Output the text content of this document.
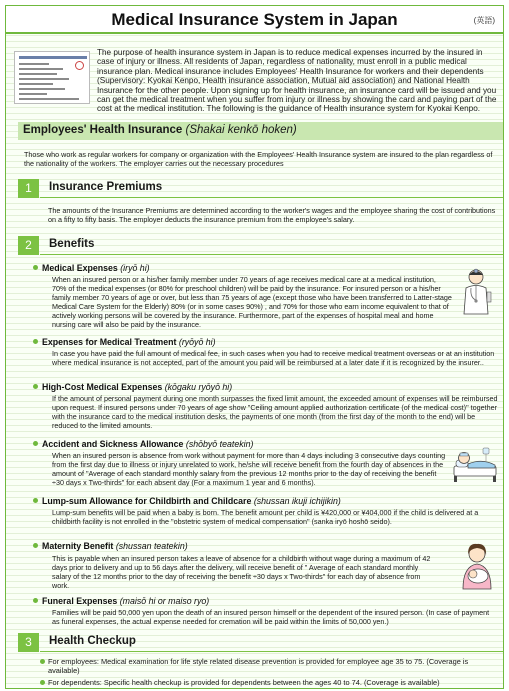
Medical Insurance System in Japan	(英語)
The purpose of health insurance system in Japan is to reduce medical expenses incurred by the insured in case of injury or illness. All residents of Japan, regardless of nationality, must enroll in a public medical insurance plan. Medical insurance includes Employees' Health Insurance for workers and their dependents (Supervisory: Kyokai Kenpo, Health insurance association, Mutual aid association) and National Health Insurance for the other people. Upon signing up for health insurance, an insurance card will be issued and you can get the medical treatment when you suffer from injury or illness by showing the card and paying part of the cost at the medical institution. The following is the guidance of Health insurance system for Kyokai Kenpo.
Employees' Health Insurance (Shakai kenkō hoken)
Those who work as regular workers for company or organization with the Employees' Health Insurance system are insured to the plan regardless of the nationality of the workers. The employer carries out the necessary procedures
1	Insurance Premiums
The amounts of the Insurance Premiums are determined according to the worker's wages and the employee sharing the cost of contributions on a fifty to fifty basis. The employer deducts the insurance premium from the employee's salary.
2	Benefits
Medical Expenses (iryō hi)
When an insured person or a his/her family member under 70 years of age receives medical care at a medical institution, 70% of the medical expenses (or 80% for preschool children) will be paid by the insurance. For insured person or a his/her family member 70 years of age or over, but less than 75 years of age (except those who have been transferred to Latter-stage Medical Care System for the Elderly) 80% (or in some cases 90%) , and 70% for those who earn income equivalent to that of actively working persons will be covered by the insurance. Furthermore, part of the expenses of hospital meal and home nursing care will also be paid by the insurance.
Expenses for Medical Treatment (ryōyō hi)
In case you have paid the full amount of medical fee, in such cases when you had to receive medical treatment overseas or at an institution where medical insurance is not accepted, part of the amount you paid will be reimbursed at a later date if it is recognized by the insurer..
High-Cost Medical Expenses (kōgaku ryōyō hi)
If the amount of personal payment during one month surpasses the fixed limit amount, the exceeded amount of expenses will be reimbursed upon request. If insured persons under 70 years of age show "Ceiling amount applied authorization certificate (of the medical cost)" together with the insurance card to the medical institution desks, the payments of one month (from the first day of the month to the end) will be reduced to the limited amounts.
Accident and Sickness Allowance (shōbyō teatekin)
When an insured person is absence from work without payment for more than 4 days including 3 consecutive days counting from the first day due to illness or injury unrelated to work, he/she will receive benefit from the fourth day of absences in the amount of "Average of each standard monthly salary from the previous 12 months prior to the day of receiving the benefit ÷30 days x Two-thirds" for each absent day (For a maximum 1 year and 6 months).
Lump-sum Allowance for Childbirth and Childcare (shussan ikuji ichijikin)
Lump-sum benefits will be paid when a baby is born. The benefit amount per child is ¥420,000 or ¥404,000 if the child is delivered at a childbirth facility is not enrolled in the "obstetric system of medical compensation" (sanka iryō hoshō seido).
Maternity Benefit (shussan teatekin)
This is payable when an insured person takes a leave of absence for a childbirth without wage during a maximum of 42 days prior to delivery and up to 56 days after the delivery, will receive benefit of " Average of each standard monthly salary of the 12 months prior to the day of receiving the benefit ÷30 days x Two-thirds" for each day of absence from work.
Funeral Expenses (maisō hi or maiso ryo)
Families will be paid 50,000 yen upon the death of an insured person himself or the dependent of the insured person. (In case of payment as funeral expenses, the actual expense needed for cremation will be paid within the limits of 50,000 yen.)
3	Health Checkup
For employees: Medical examination for life style related disease prevention is provided for employee age 35 to 75. (Coverage is available)
For dependents: Specific health checkup is provided for dependents between the ages 40 to 74. (Coverage is available)
